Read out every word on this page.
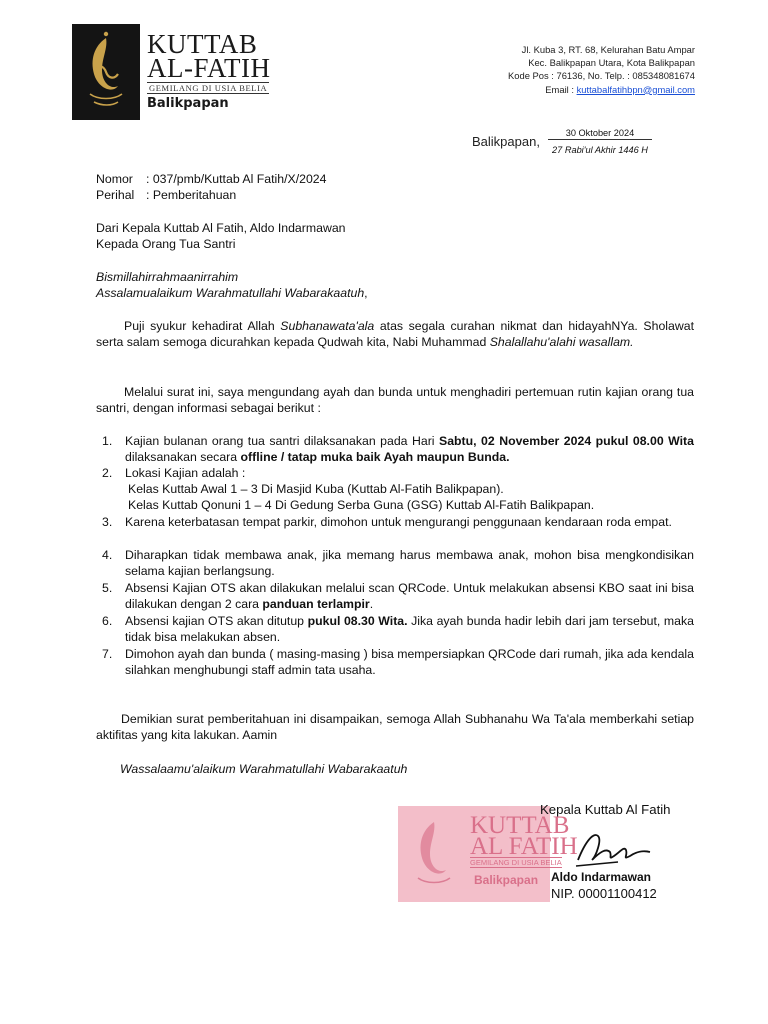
KUTTAB
AL-FATIH
GEMILANG DI USIA BELIA
Balikpapan
Jl. Kuba 3, RT. 68, Kelurahan Batu Ampar
Kec. Balikpapan Utara, Kota Balikpapan
Kode Pos : 76136, No. Telp. : 085348081674
Email : kuttabalfatihbpn@gmail.com
Balikpapan,
30 Oktober 2024
27 Rabi'ul Akhir 1446 H
Nomor : 037/pmb/Kuttab Al Fatih/X/2024
Perihal : Pemberitahuan
Dari Kepala Kuttab Al Fatih, Aldo Indarmawan
Kepada Orang Tua Santri
Bismillahirrahmaanirrahim
Assalamualaikum Warahmatullahi Wabarakaatuh,
Puji syukur kehadirat Allah Subhanawata'ala atas segala curahan nikmat dan hidayahNYa. Sholawat serta salam semoga dicurahkan kepada Qudwah kita, Nabi Muhammad Shalallahu'alahi wasallam.
Melalui surat ini, saya mengundang ayah dan bunda untuk menghadiri pertemuan rutin kajian orang tua santri, dengan informasi sebagai berikut :
1. Kajian bulanan orang tua santri dilaksanakan pada Hari Sabtu, 02 November 2024 pukul 08.00 Wita dilaksanakan secara offline / tatap muka baik Ayah maupun Bunda.
2. Lokasi Kajian adalah :
Kelas Kuttab Awal 1 – 3 Di Masjid Kuba (Kuttab Al-Fatih Balikpapan).
Kelas Kuttab Qonuni 1 – 4 Di Gedung Serba Guna (GSG) Kuttab Al-Fatih Balikpapan.
3. Karena keterbatasan tempat parkir, dimohon untuk mengurangi penggunaan kendaraan roda empat.
4. Diharapkan tidak membawa anak, jika memang harus membawa anak, mohon bisa mengkondisikan selama kajian berlangsung.
5. Absensi Kajian OTS akan dilakukan melalui scan QRCode. Untuk melakukan absensi KBO saat ini bisa dilakukan dengan 2 cara panduan terlampir.
6. Absensi kajian OTS akan ditutup pukul 08.30 Wita. Jika ayah bunda hadir lebih dari jam tersebut, maka tidak bisa melakukan absen.
7. Dimohon ayah dan bunda ( masing-masing ) bisa mempersiapkan QRCode dari rumah, jika ada kendala silahkan menghubungi staff admin tata usaha.
Demikian surat pemberitahuan ini disampaikan, semoga Allah Subhanahu Wa Ta'ala memberkahi setiap aktifitas yang kita lakukan. Aamin
Wassalaamu'alaikum Warahmatullahi Wabarakaatuh
KUTTAB
AL FATIH
GEMILANG DI USIA BELIA
Balikpapan
Kepala Kuttab Al Fatih
Aldo Indarmawan
NIP. 00001100412
